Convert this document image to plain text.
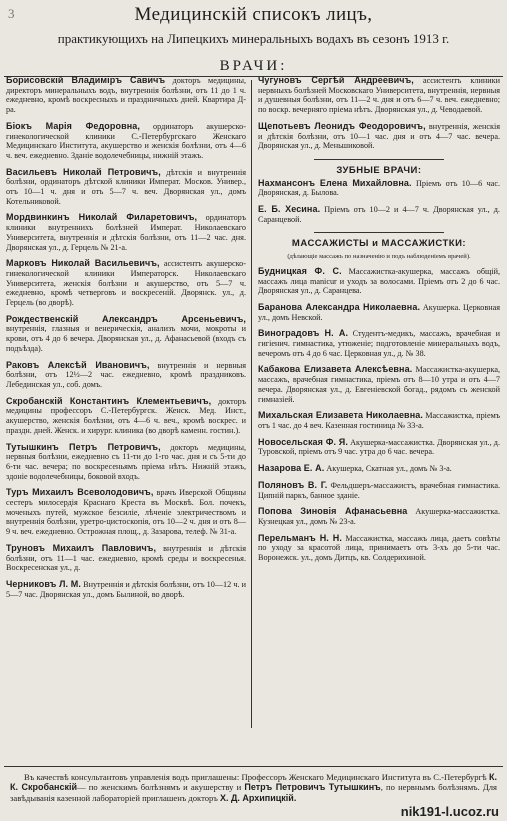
3	Медицинскій списокъ лицъ,
практикующихъ на Липецкихъ минеральныхъ водахъ въ сезонъ 1913 г.
ВРАЧИ:
Борисовскій Владиміръ Савичъ докторъ медицины, директоръ минеральныхъ водъ, внутреннія болѣзни, отъ 11 до 1 ч. ежедневно, кромѣ воскресныхъ и праздничныхъ дней. Квартира Д-ра.
Біокъ Марія Федоровна, ординаторъ акушерско-гинекологической клиники С.-Петербургскаго Женскаго Медицинскаго Института, акушерство и женскія болѣзни, отъ 4—6 ч. веч. ежедневно. Зданіе водолечебницы, нижній этажъ.
Васильевъ Николай Петровичъ, дѣтскія и внутреннія болѣзни, ординаторъ дѣтской клиники Императ. Москов. Универ., отъ 10—1 ч. дня и отъ 5—7 ч. веч. Дворянская ул., домъ Котельниковой.
Мордвинкинъ Николай Филаретовичъ, ординаторъ клиники внутреннихъ болѣзней Императ. Николаевскаго Университета, внутреннія и дѣтскія болѣзни, отъ 11—2 час. дня. Дворянская ул., д. Герцель № 21-а.
Марковъ Николай Васильевичъ, ассистентъ акушерско-гинекологической клиники Императорск. Николаевскаго Университета, женскія болѣзни и акушерство, отъ 5—7 ч. ежедневно, кромѣ четверговъ и воскресеній. Дворянск. ул., д. Герцель (во дворѣ).
Рождественскій Александръ Арсеньевичъ, внутреннія, глазныя и венерическія, анализъ мочи, мокроты и крови, отъ 4 до 6 вечера. Дворянская ул., д. Афанасьевой (входъ съ подъѣзда).
Раковъ Алексѣй Ивановичъ, внутреннія и нервныя болѣзни, отъ 12½—2 час. ежедневно, кромѣ праздниковъ. Лебединская ул., соб. домъ.
Скробанскій Константинъ Клементьевичъ, докторъ медицины профессоръ С.-Петербургск. Женск. Мед. Инст., акушерство, женскія болѣзни, отъ 4—6 ч. веч., кромѣ воскрес. и праздн. дней. Женск. и хирург. клиника (во дворѣ каменн. гостин.).
Тутышкинъ Петръ Петровичъ, докторъ медицины, нервныя болѣзни, ежедневно съ 11-ти до 1-го час. дня и съ 5-ти до 6-ти час. вечера; по воскресеньямъ пріема нѣтъ. Нижній этажъ, здоніе водолечебницы, боковой входъ.
Туръ Михаилъ Всеволодовичъ, врачъ Иверской Общины сестеръ милосердія Краснаго Креста въ Москвѣ. Бол. почекъ, моченыхъ путей, мужское безсиліе, лѣченіе электричествомъ и внутреннія болѣзни, уретро-цистоскопія, отъ 10—2 ч. дня и отъ 8—9 ч. веч. ежедневно. Острожная площ., д. Зазарова, телеф. № 31-а.
Труновъ Михаилъ Павловичъ, внутреннія и дѣтскія болѣзни, отъ 11—1 час. ежедневно, кромѣ среды и воскресенья. Воскресенская ул., д.
Черниковъ Л. М. Внутреннія и дѣтскія болѣзни, отъ 10—12 ч. и 5—7 час. Дворянская ул., домъ Былиной, во дворѣ.
Чугуновъ Сергѣй Андреевичъ, ассистентъ клиники нервныхъ болѣзней Московскаго Университета, внутреннія, нервныя и душевныя болѣзни, отъ 11—2 ч. дня и отъ 6—7 ч. веч. ежедневно; по воскр. вечерняго пріема нѣтъ. Дворянская ул., д. Чеводаевой.
Щепотьевъ Леонидъ Феодоровичъ, внутреннія, женскія и дѣтскія болѣзни, отъ 10—1 час. дня и отъ 4—7 час. вечера. Дворянская ул., д. Меньшиковой.
ЗУБНЫЕ ВРАЧИ:
Нахмансонъ Елена Михайловна. Пріемъ отъ 10—6 час. Дворянская, д. Былова.
Е. Б. Хесина. Пріемъ отъ 10—2 и 4—7 ч. Дворянская ул., д. Саранцевой.
МАССАЖИСТЫ и МАССАЖИСТКИ:
(дѣлающіе массажъ по назначенію и подъ наблюденіемъ врачей).
Будницкая Ф. С. Массажистка-акушерка, массажъ общій, массажъ лица manicur и уходъ за волосами. Пріемъ отъ 2 до 6 час. Дворянская ул., д. Саранцева.
Баранова Александра Николаевна. Акушерка. Церковная ул., домъ Невской.
Виноградовъ Н. А. Студентъ-медикъ, массажъ, врачебная и гигіенич. гимнастика, утюженіе; подготовленіе минеральныхъ водъ, вечеромъ отъ 4 до 6 час. Церковная ул., д. № 38.
Кабакова Елизавета Алексѣевна. Массажистка-акушерка, массажъ, врачебная гимнастика, пріемъ отъ 8—10 утра и отъ 4—7 вечера. Дворянская ул., д. Евгеніевской богад., рядомъ съ женской гимназіей.
Михальская Елизавета Николаевна. Массажистка, пріемъ отъ 1 час. до 4 веч. Казенная гостиница № 33-а.
Новосельская Ф. Я. Акушерка-массажистка. Дворянская ул., д. Туровской, пріемъ отъ 9 час. утра до 6 час. вечера.
Назарова Е. А. Акушерка, Скатная ул., домъ № 3-а.
Поляновъ В. Г. Фельдшеръ-массажистъ, врачебная гимнастика. Ципній паркъ, банное зданіе.
Попова Зиновія Афанасьевна Акушерка-массажистка. Кузнецкая ул., домъ № 23-а.
Перельманъ Н. Н. Массажистка, массажъ лица, даетъ совѣты по уходу за красотой лица, принимаетъ отъ 3-хъ до 5-ти час. Воронежск. ул., домъ Дитцъ, кв. Солдерихиной.
Въ качествѣ консультантовъ управленія водъ приглашены: Профессоръ Женскаго Медицинскаго Института въ С.-Петербургѣ К. К. Скробанскій— по женскимъ болѣзнямъ и акушерству и Петръ Петровичъ Тутышкинъ, по нервнымъ болѣзнямъ. Для завѣдыванія казенной лабораторіей приглашенъ докторъ Х. Д. Архипицкій.
nik191-l.ucoz.ru
